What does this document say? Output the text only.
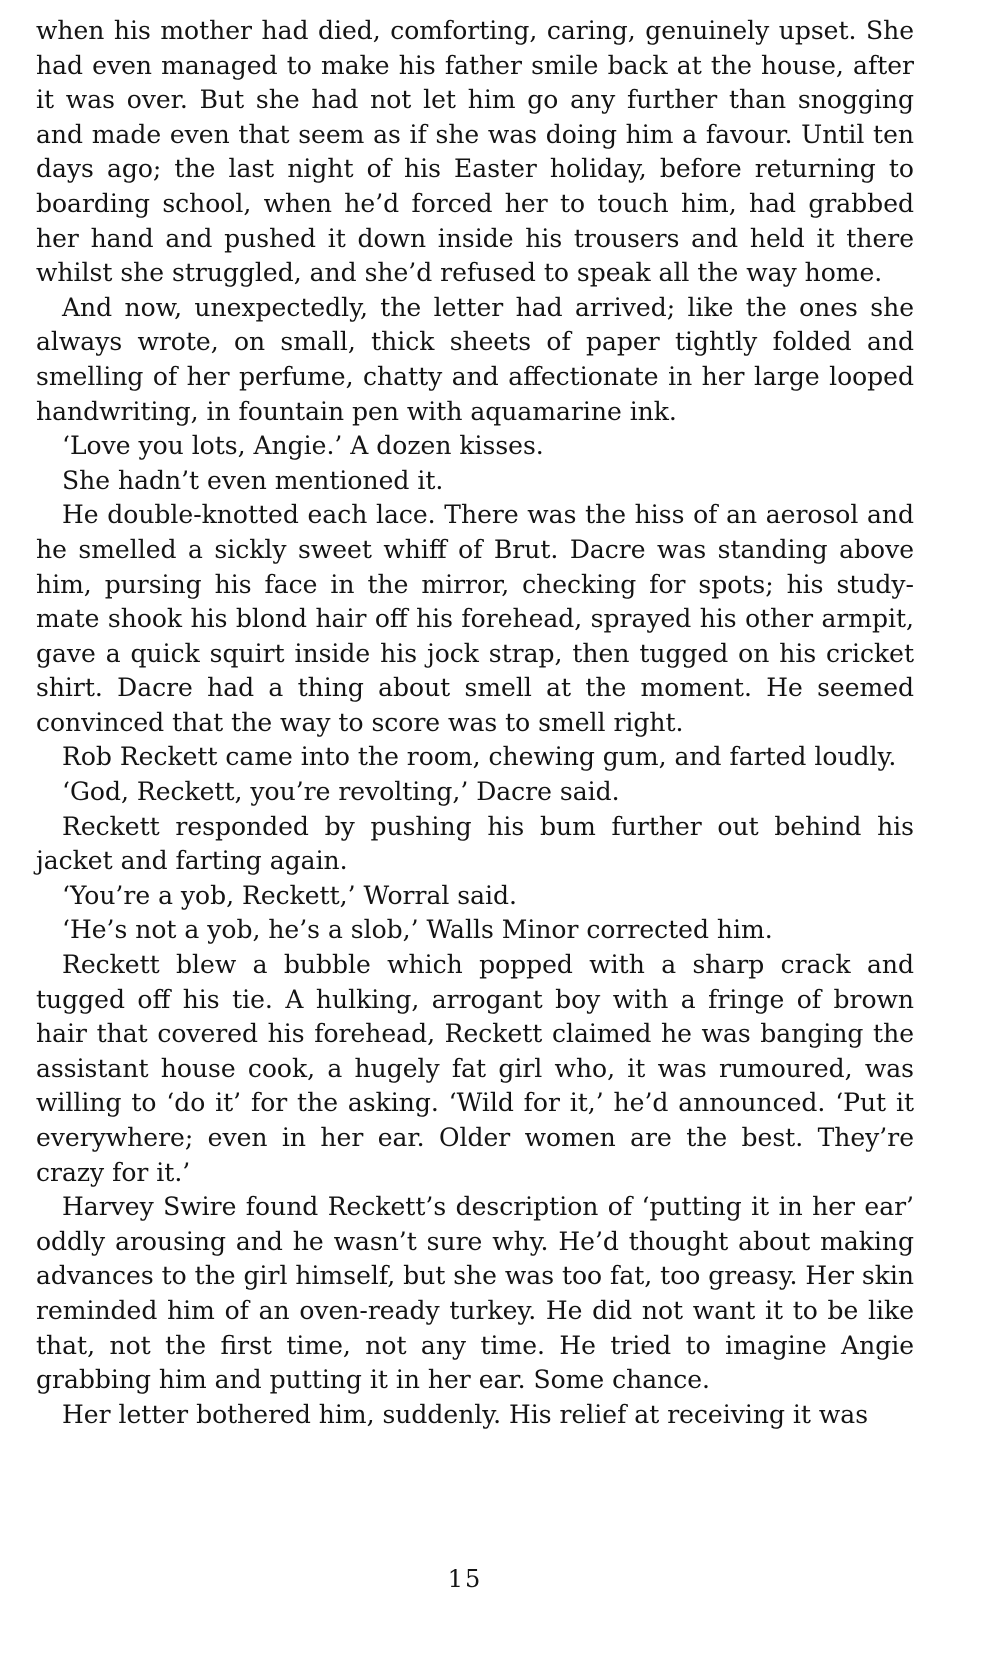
when his mother had died, comforting, caring, genuinely upset. She had even managed to make his father smile back at the house, after it was over. But she had not let him go any further than snogging and made even that seem as if she was doing him a favour. Until ten days ago; the last night of his Easter holiday, before returning to boarding school, when he’d forced her to touch him, had grabbed her hand and pushed it down inside his trousers and held it there whilst she struggled, and she’d refused to speak all the way home.

And now, unexpectedly, the letter had arrived; like the ones she always wrote, on small, thick sheets of paper tightly folded and smelling of her perfume, chatty and affectionate in her large looped handwriting, in fountain pen with aquamarine ink.

‘Love you lots, Angie.’ A dozen kisses.

She hadn’t even mentioned it.

He double-knotted each lace. There was the hiss of an aerosol and he smelled a sickly sweet whiff of Brut. Dacre was standing above him, pursing his face in the mirror, checking for spots; his study-mate shook his blond hair off his forehead, sprayed his other armpit, gave a quick squirt inside his jock strap, then tugged on his cricket shirt. Dacre had a thing about smell at the moment. He seemed convinced that the way to score was to smell right.

Rob Reckett came into the room, chewing gum, and farted loudly.

‘God, Reckett, you’re revolting,’ Dacre said.

Reckett responded by pushing his bum further out behind his jacket and farting again.

‘You’re a yob, Reckett,’ Worral said.

‘He’s not a yob, he’s a slob,’ Walls Minor corrected him.

Reckett blew a bubble which popped with a sharp crack and tugged off his tie. A hulking, arrogant boy with a fringe of brown hair that covered his forehead, Reckett claimed he was banging the assistant house cook, a hugely fat girl who, it was rumoured, was willing to ‘do it’ for the asking. ‘Wild for it,’ he’d announced. ‘Put it everywhere; even in her ear. Older women are the best. They’re crazy for it.’

Harvey Swire found Reckett’s description of ‘putting it in her ear’ oddly arousing and he wasn’t sure why. He’d thought about making advances to the girl himself, but she was too fat, too greasy. Her skin reminded him of an oven-ready turkey. He did not want it to be like that, not the first time, not any time. He tried to imagine Angie grabbing him and putting it in her ear. Some chance.

Her letter bothered him, suddenly. His relief at receiving it was

15
